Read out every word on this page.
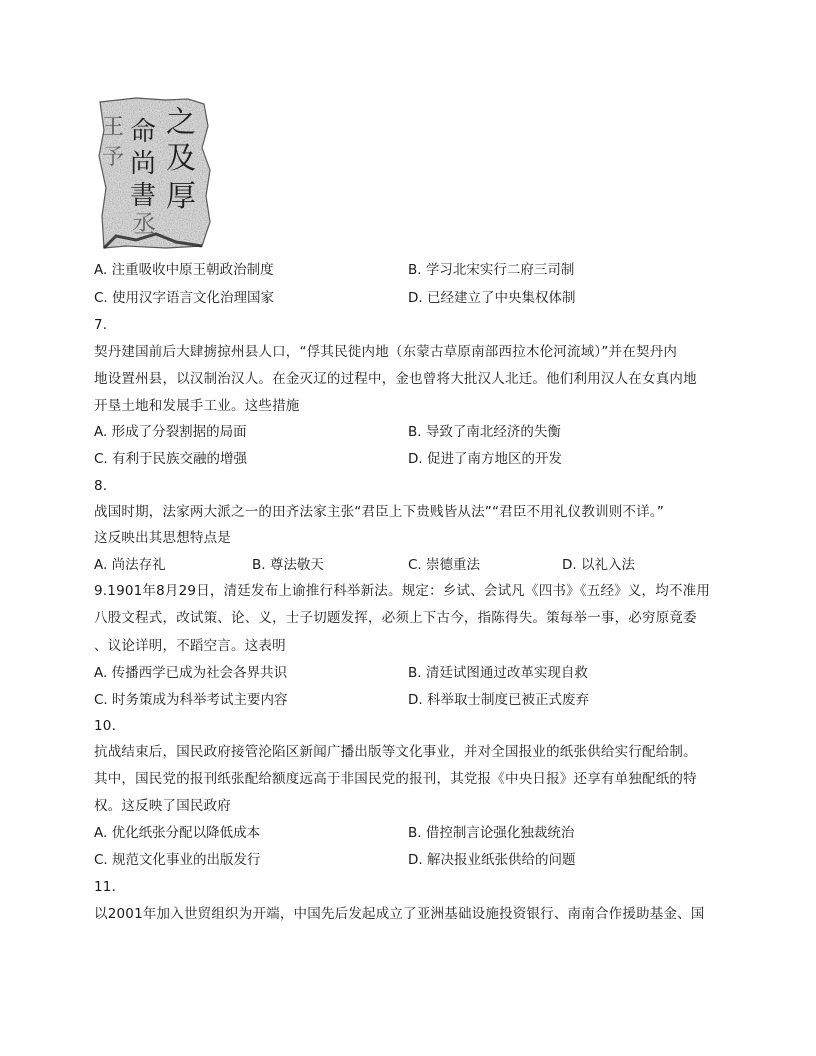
之
及
厚
命
尚
書
丞
王
予
A. 注重吸收中原王朝政治制度	B. 学习北宋实行二府三司制
C. 使用汉字语言文化治理国家	D. 已经建立了中央集权体制
7.
契丹建国前后大肆掳掠州县人口，“俘其民徙内地（东蒙古草原南部西拉木伦河流域）”并在契丹内
地设置州县，以汉制治汉人。在金灭辽的过程中，金也曾将大批汉人北迁。他们利用汉人在女真内地
开垦土地和发展手工业。这些措施
A. 形成了分裂割据的局面	B. 导致了南北经济的失衡
C. 有利于民族交融的增强	D. 促进了南方地区的开发
8.
战国时期，法家两大派之一的田齐法家主张“君臣上下贵贱皆从法”“君臣不用礼仪教训则不详。”
这反映出其思想特点是
A. 尚法存礼	B. 尊法敬天	C. 崇德重法	D. 以礼入法
9.1901年8月29日，清廷发布上谕推行科举新法。规定：乡试、会试凡《四书》《五经》义，均不准用
八股文程式，改试策、论、义，士子切题发挥，必须上下古今，指陈得失。策每举一事，必穷原竟委
、议论详明，不蹈空言。这表明
A. 传播西学已成为社会各界共识	B. 清廷试图通过改革实现自救
C. 时务策成为科举考试主要内容	D. 科举取士制度已被正式废弃
10.
抗战结束后，国民政府接管沦陷区新闻广播出版等文化事业，并对全国报业的纸张供给实行配给制。
其中，国民党的报刊纸张配给额度远高于非国民党的报刊，其党报《中央日报》还享有单独配纸的特
权。这反映了国民政府
A. 优化纸张分配以降低成本	B. 借控制言论强化独裁统治
C. 规范文化事业的出版发行	D. 解决报业纸张供给的问题
11.
以2001年加入世贸组织为开端，中国先后发起成立了亚洲基础设施投资银行、南南合作援助基金、国
